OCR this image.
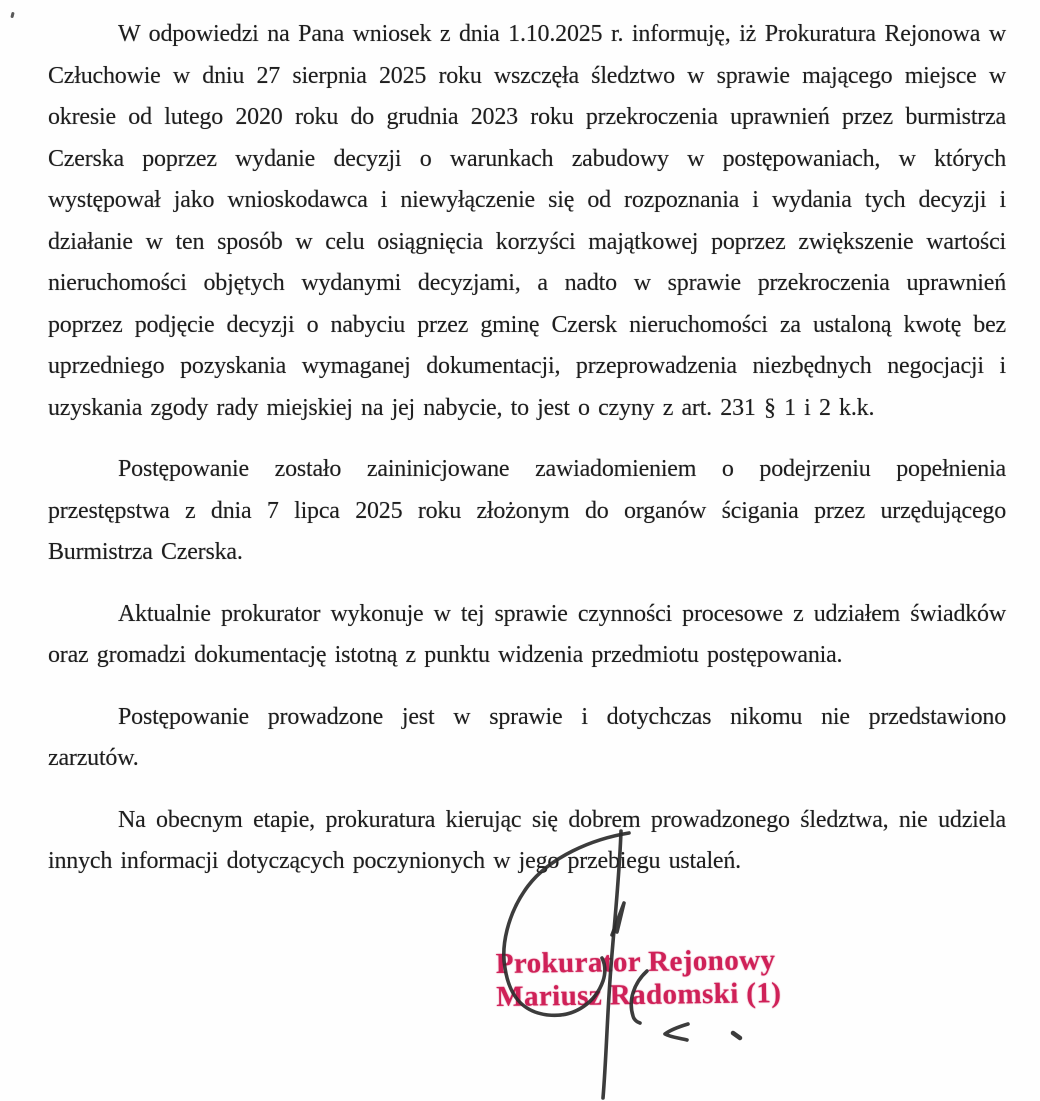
W odpowiedzi na Pana wniosek z dnia 1.10.2025 r. informuję, iż Prokuratura Rejonowa w Człuchowie w dniu 27 sierpnia 2025 roku wszczęła śledztwo w sprawie mającego miejsce w okresie od lutego 2020 roku do grudnia 2023 roku przekroczenia uprawnień przez burmistrza Czerska poprzez wydanie decyzji o warunkach zabudowy w postępowaniach, w których występował jako wnioskodawca i niewyłączenie się od rozpoznania i wydania tych decyzji i działanie w ten sposób w celu osiągnięcia korzyści majątkowej poprzez zwiększenie wartości nieruchomości objętych wydanymi decyzjami, a nadto w sprawie przekroczenia uprawnień poprzez podjęcie decyzji o nabyciu przez gminę Czersk nieruchomości za ustaloną kwotę bez uprzedniego pozyskania wymaganej dokumentacji, przeprowadzenia niezbędnych negocjacji i uzyskania zgody rady miejskiej na jej nabycie, to jest o czyny z art. 231 § 1 i 2 k.k.

Postępowanie zostało zaininicjowane zawiadomieniem o podejrzeniu popełnienia przestępstwa z dnia 7 lipca 2025 roku złożonym do organów ścigania przez urzędującego Burmistrza Czerska.

Aktualnie prokurator wykonuje w tej sprawie czynności procesowe z udziałem świadków oraz gromadzi dokumentację istotną z punktu widzenia przedmiotu postępowania.

Postępowanie prowadzone jest w sprawie i dotychczas nikomu nie przedstawiono zarzutów.

Na obecnym etapie, prokuratura kierując się dobrem prowadzonego śledztwa, nie udziela innych informacji dotyczących poczynionych w jego przebiegu ustaleń.

Prokurator Rejonowy
Mariusz Radomski (1)
